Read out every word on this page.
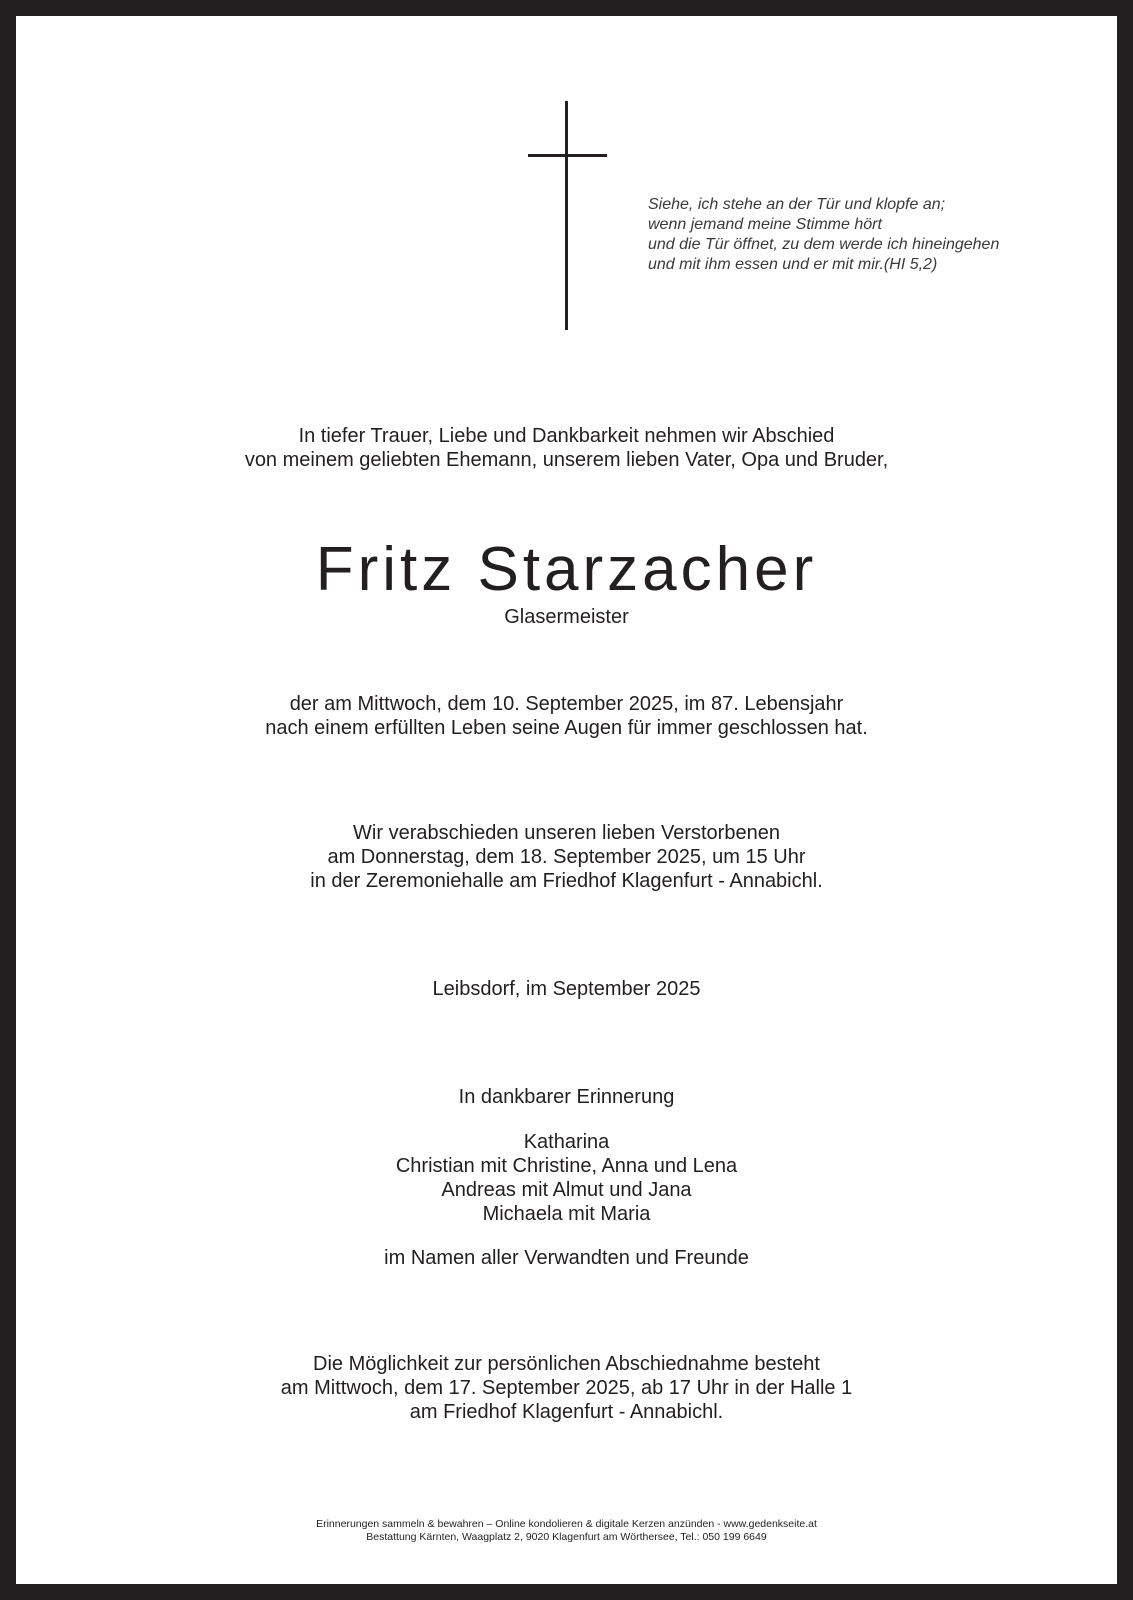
Siehe, ich stehe an der Tür und klopfe an;
wenn jemand meine Stimme hört
und die Tür öffnet, zu dem werde ich hineingehen
und mit ihm essen und er mit mir.(HI 5,2)
In tiefer Trauer, Liebe und Dankbarkeit nehmen wir Abschied
von meinem geliebten Ehemann, unserem lieben Vater, Opa und Bruder,
Fritz Starzacher
Glasermeister
der am Mittwoch, dem 10. September 2025, im 87. Lebensjahr
nach einem erfüllten Leben seine Augen für immer geschlossen hat.
Wir verabschieden unseren lieben Verstorbenen
am Donnerstag, dem 18. September 2025, um 15 Uhr
in der Zeremoniehalle am Friedhof Klagenfurt - Annabichl.
Leibsdorf, im September 2025
In dankbarer Erinnerung
Katharina
Christian mit Christine, Anna und Lena
Andreas mit Almut und Jana
Michaela mit Maria
im Namen aller Verwandten und Freunde
Die Möglichkeit zur persönlichen Abschiednahme besteht
am Mittwoch, dem 17. September 2025, ab 17 Uhr in der Halle 1
am Friedhof Klagenfurt - Annabichl.
Erinnerungen sammeln & bewahren – Online kondolieren & digitale Kerzen anzünden - www.gedenkseite.at
Bestattung Kärnten, Waagplatz 2, 9020 Klagenfurt am Wörthersee, Tel.: 050 199 6649
